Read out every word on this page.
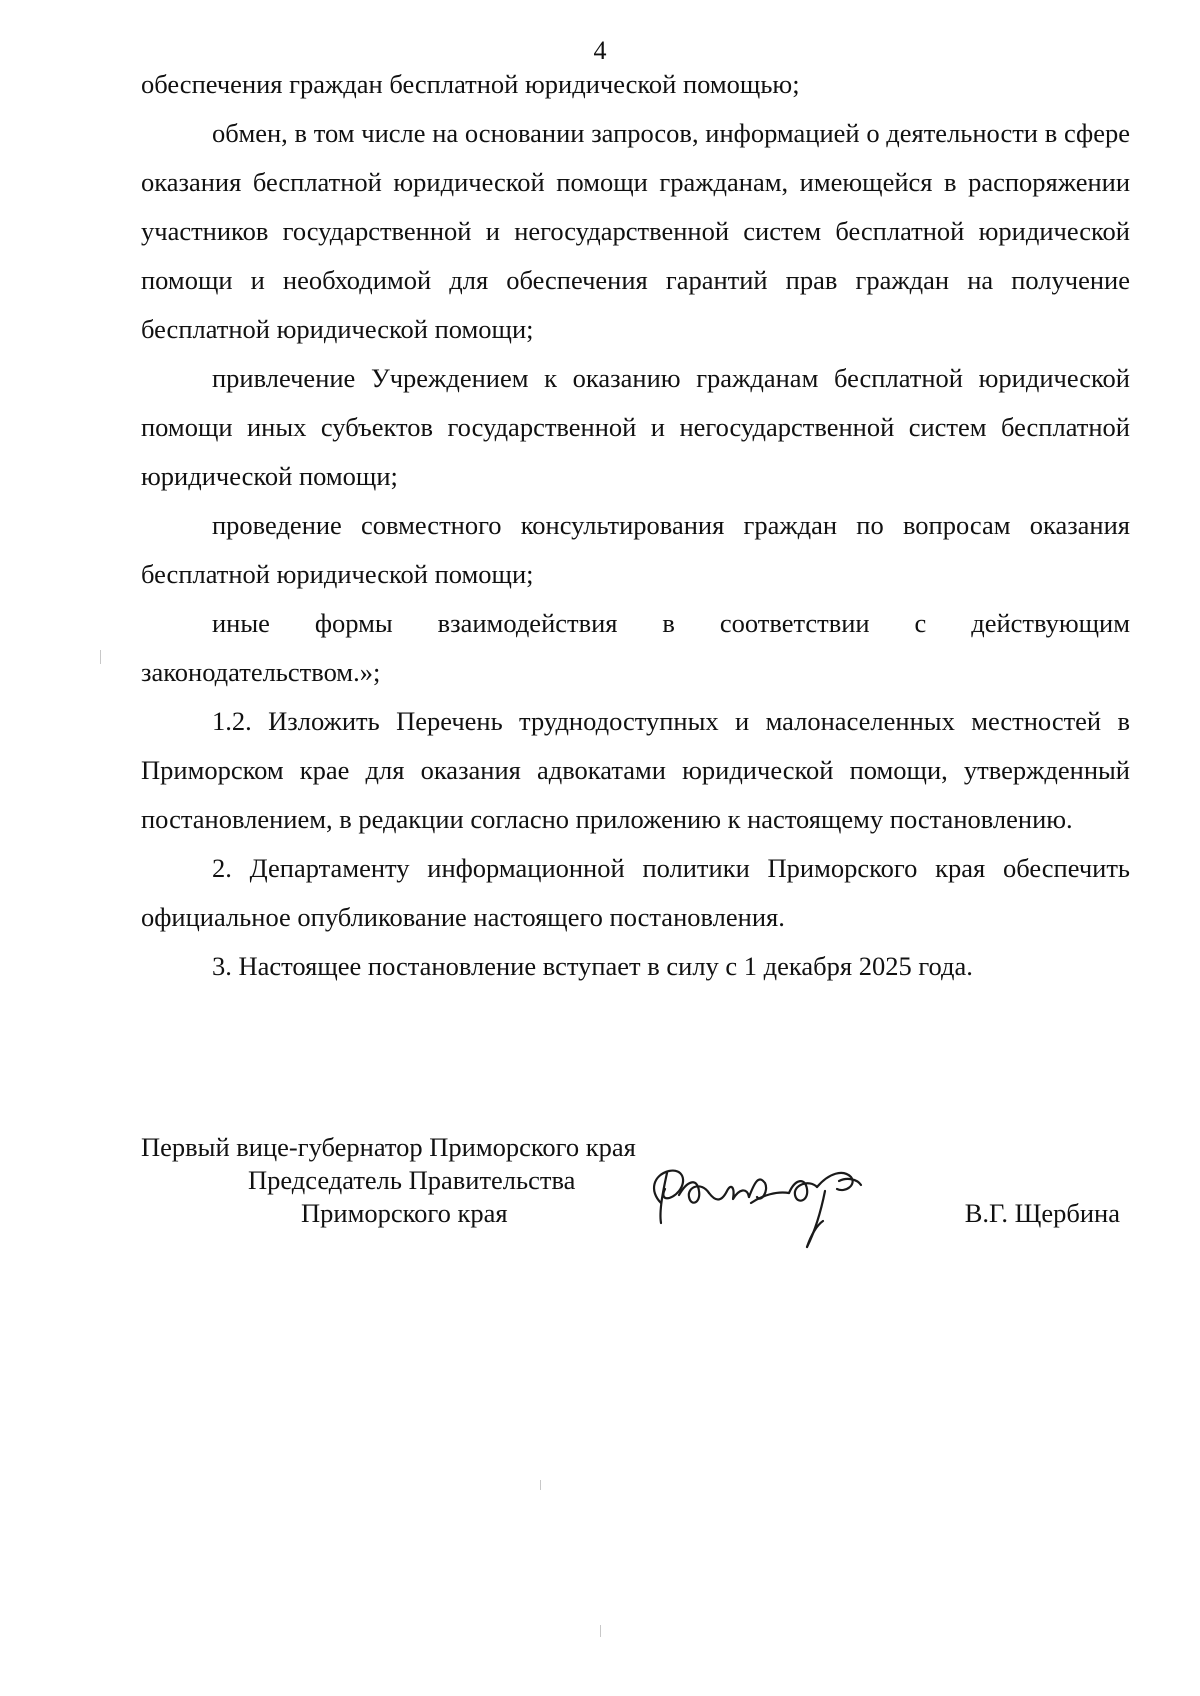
4

обеспечения граждан бесплатной юридической помощью;

обмен, в том числе на основании запросов, информацией о деятельности в сфере оказания бесплатной юридической помощи гражданам, имеющейся в распоряжении участников государственной и негосударственной систем бесплатной юридической помощи и необходимой для обеспечения гарантий прав граждан на получение бесплатной юридической помощи;

привлечение Учреждением к оказанию гражданам бесплатной юридической помощи иных субъектов государственной и негосударственной систем бесплатной юридической помощи;

проведение совместного консультирования граждан по вопросам оказания бесплатной юридической помощи;

иные формы взаимодействия в соответствии с действующим законодательством.»;

1.2. Изложить Перечень труднодоступных и малонаселенных местностей в Приморском крае для оказания адвокатами юридической помощи, утвержденный постановлением, в редакции согласно приложению к настоящему постановлению.

2. Департаменту информационной политики Приморского края обеспечить официальное опубликование настоящего постановления.

3. Настоящее постановление вступает в силу с 1 декабря 2025 года.

Первый вице-губернатор Приморского края
Председатель Правительства
Приморского края	В.Г. Щербина
